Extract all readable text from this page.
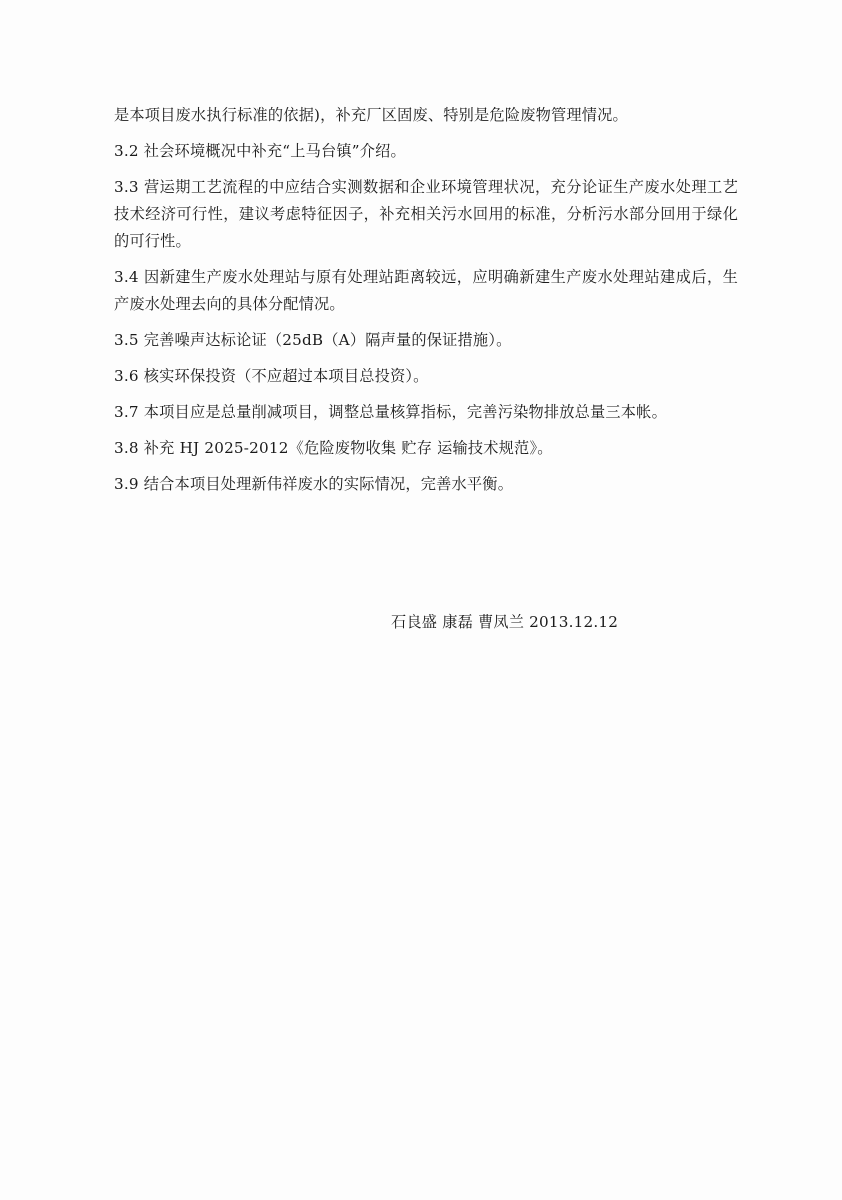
是本项目废水执行标准的依据)，补充厂区固废、特别是危险废物管理情况。

3.2 社会环境概况中补充“上马台镇”介绍。

3.3 营运期工艺流程的中应结合实测数据和企业环境管理状况，充分论证生产废水处理工艺技术经济可行性，建议考虑特征因子，补充相关污水回用的标准，分析污水部分回用于绿化的可行性。

3.4 因新建生产废水处理站与原有处理站距离较远，应明确新建生产废水处理站建成后，生产废水处理去向的具体分配情况。

3.5 完善噪声达标论证（25dB（A）隔声量的保证措施）。

3.6 核实环保投资（不应超过本项目总投资）。

3.7 本项目应是总量削减项目，调整总量核算指标，完善污染物排放总量三本帐。

3.8 补充 HJ 2025-2012《危险废物收集 贮存 运输技术规范》。

3.9 结合本项目处理新伟祥废水的实际情况，完善水平衡。

石良盛 康磊 曹凤兰 2013.12.12
